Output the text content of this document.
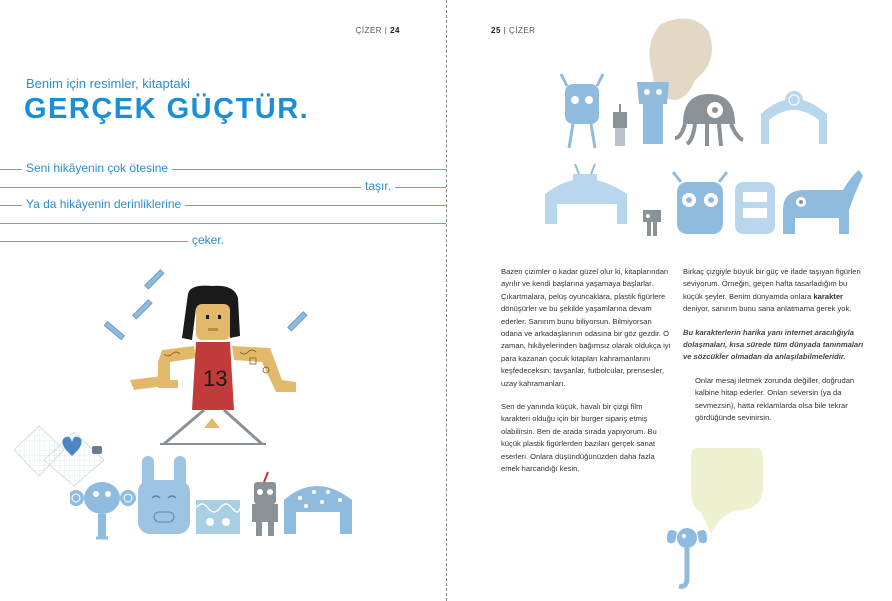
ÇİZER | 24
Benim için resimler, kitaptaki
GERÇEK GÜÇTÜR.
Seni hikâyenin çok ötesine
taşır.
Ya da hikâyenin derinliklerine
çeker.
13
25 | ÇİZER

Bazen çizimler o kadar güzel olur ki, kitaplarından ayrılır ve kendi başlarına yaşamaya başlarlar. Çıkartmalara, pelüş oyuncaklara, plastik figürlere dönüşürler ve bu şekilde yaşamlarına devam ederler. Sanırım bunu biliyorsun. Bilmiyorsan odana ve arkadaşlarının odasına bir göz gezdir. O zaman, hikâyelerinden bağımsız olarak oldukça iyi para kazanan çocuk kitapları kahramanlarını keşfedeceksin: tavşanlar, futbolcular, prensesler, uzay kahramanları.

Sen de yanında küçük, havalı bir çizgi film karakteri olduğu için bir burger sipariş etmiş olabilirsin. Ben de arada sırada yapıyorum. Bu küçük plastik figürlerden bazıları gerçek sanat eserleri. Onlara düşündüğünüzden daha fazla emek harcandığı kesin.

Birkaç çizgiyle büyük bir güç ve ifade taşıyan figürleri seviyorum. Örneğin, geçen hafta tasarladığım bu küçük şeyler. Benim dünyamda onlara karakter deniyor, sanırım bunu sana anlatmama gerek yok.

Bu karakterlerin harika yanı internet aracılığıyla dolaşmaları, kısa sürede tüm dünyada tanınmaları ve sözcükler olmadan da anlaşılabilmeleridir.

Onlar mesaj iletmek zorunda değiller, doğrudan kalbine hitap ederler. Onları seversin (ya da sevmezsin), hatta reklamlarda olsa bile tekrar gördüğünde sevinirsin.
